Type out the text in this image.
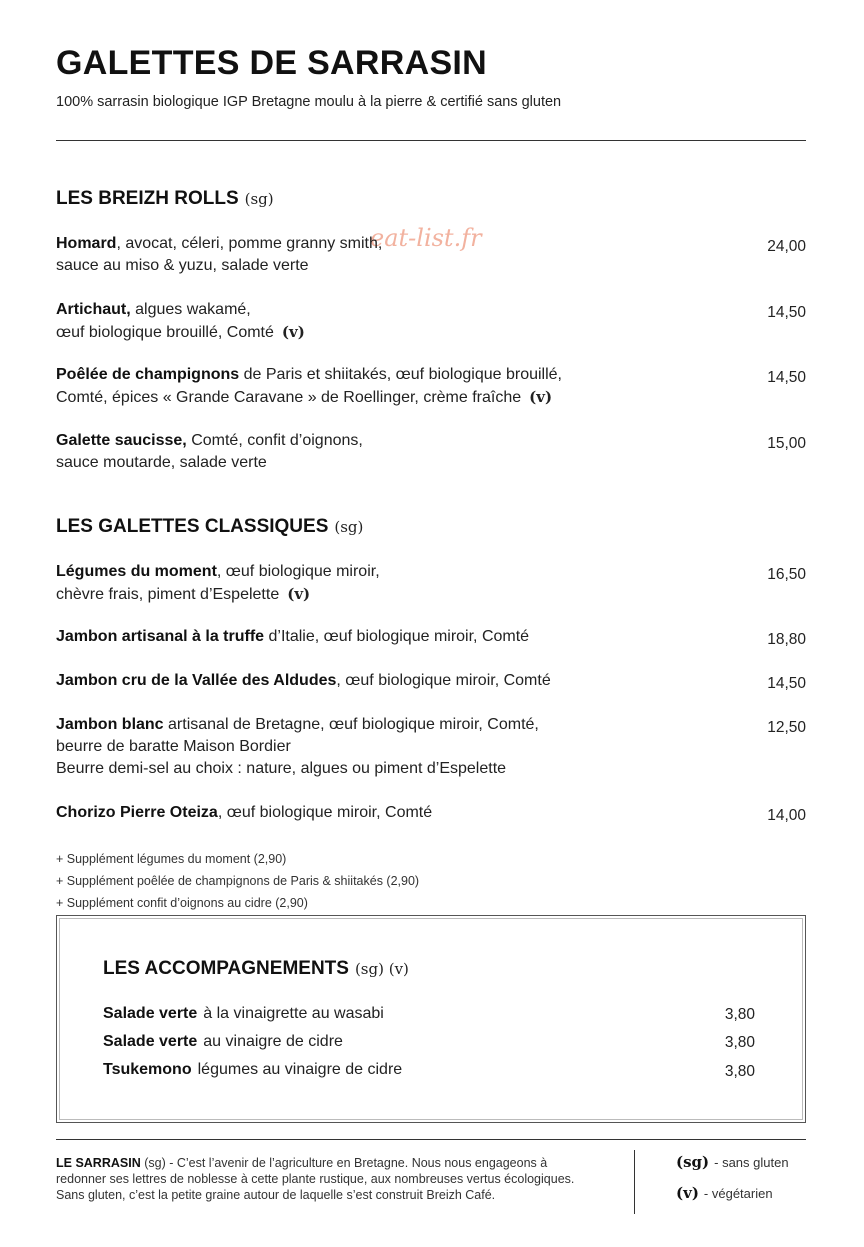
GALETTES DE SARRASIN

100% sarrasin biologique IGP Bretagne moulu à la pierre & certifié sans gluten

eat-list.fr
LES BREIZH ROLLS (sg)
Homard, avocat, céleri, pomme granny smith,
sauce au miso & yuzu, salade verte
24,00
Artichaut, algues wakamé,
œuf biologique brouillé, Comté (v)
14,50
Poêlée de champignons de Paris et shiitakés, œuf biologique brouillé,
Comté, épices « Grande Caravane » de Roellinger, crème fraîche (v)
14,50
Galette saucisse, Comté, confit d’oignons,
sauce moutarde, salade verte
15,00
LES GALETTES CLASSIQUES (sg)
Légumes du moment, œuf biologique miroir,
chèvre frais, piment d’Espelette (v)
16,50
Jambon artisanal à la truffe d’Italie, œuf biologique miroir, Comté	18,80
Jambon cru de la Vallée des Aldudes, œuf biologique miroir, Comté	14,50
Jambon blanc artisanal de Bretagne, œuf biologique miroir, Comté,
beurre de baratte Maison Bordier
Beurre demi-sel au choix : nature, algues ou piment d’Espelette
12,50
Chorizo Pierre Oteiza, œuf biologique miroir, Comté	14,00
+ Supplément légumes du moment (2,90)
+ Supplément poêlée de champignons de Paris & shiitakés (2,90)
+ Supplément confit d’oignons au cidre (2,90)
LES ACCOMPAGNEMENTS (sg) (v)
Salade verte à la vinaigrette au wasabi	3,80
Salade verte au vinaigre de cidre	3,80
Tsukemono légumes au vinaigre de cidre	3,80
LE SARRASIN (sg) - C’est l’avenir de l’agriculture en Bretagne. Nous nous engageons à redonner ses lettres de noblesse à cette plante rustique, aux nombreuses vertus écologiques. Sans gluten, c’est la petite graine autour de laquelle s’est construit Breizh Café.
(sg) - sans gluten
(v) - végétarien
